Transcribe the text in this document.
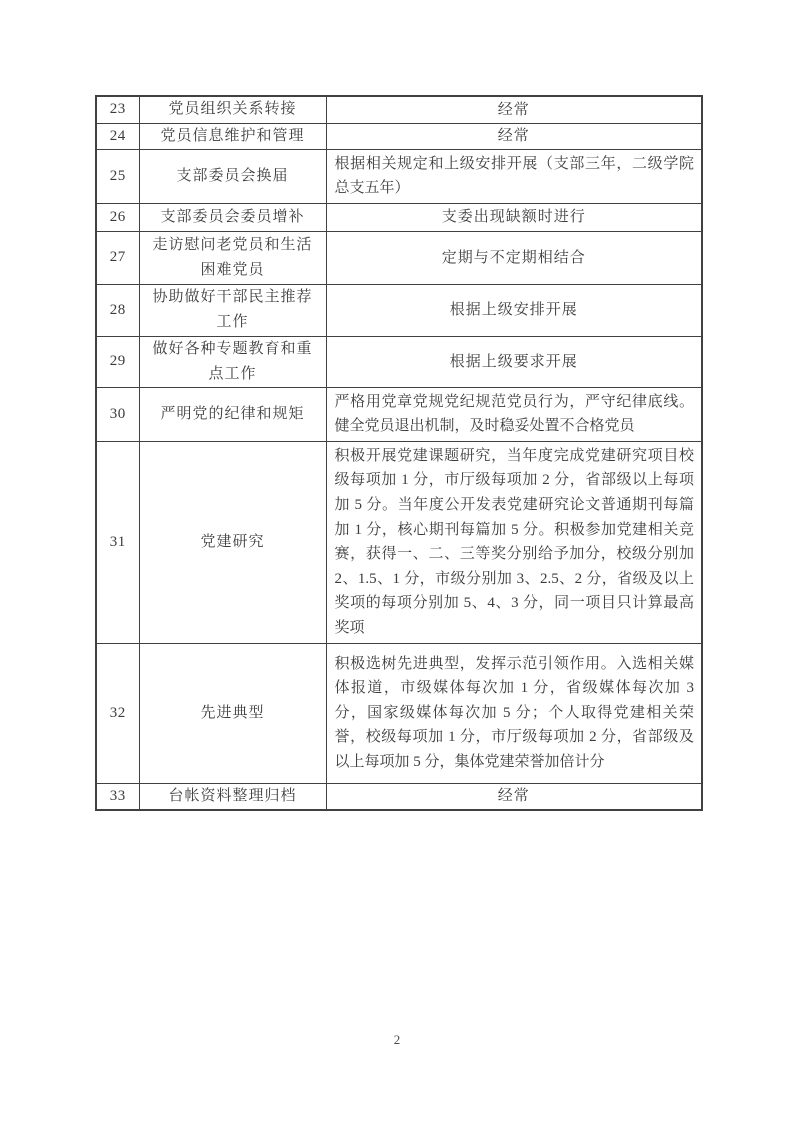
23	党员组织关系转接	经常
24	党员信息维护和管理	经常
25	支部委员会换届	根据相关规定和上级安排开展（支部三年，二级学院总支五年）
26	支部委员会委员增补	支委出现缺额时进行
27	走访慰问老党员和生活困难党员	定期与不定期相结合
28	协助做好干部民主推荐工作	根据上级安排开展
29	做好各种专题教育和重点工作	根据上级要求开展
30	严明党的纪律和规矩	严格用党章党规党纪规范党员行为，严守纪律底线。健全党员退出机制，及时稳妥处置不合格党员
31	党建研究	积极开展党建课题研究，当年度完成党建研究项目校级每项加 1 分，市厅级每项加 2 分，省部级以上每项加 5 分。当年度公开发表党建研究论文普通期刊每篇加 1 分，核心期刊每篇加 5 分。积极参加党建相关竞赛，获得一、二、三等奖分别给予加分，校级分别加 2、1.5、1 分，市级分别加 3、2.5、2 分，省级及以上奖项的每项分别加 5、4、3 分，同一项目只计算最高奖项
32	先进典型	积极选树先进典型，发挥示范引领作用。入选相关媒体报道，市级媒体每次加 1 分，省级媒体每次加 3 分，国家级媒体每次加 5 分；个人取得党建相关荣誉，校级每项加 1 分，市厅级每项加 2 分，省部级及以上每项加 5 分，集体党建荣誉加倍计分
33	台帐资料整理归档	经常
2
